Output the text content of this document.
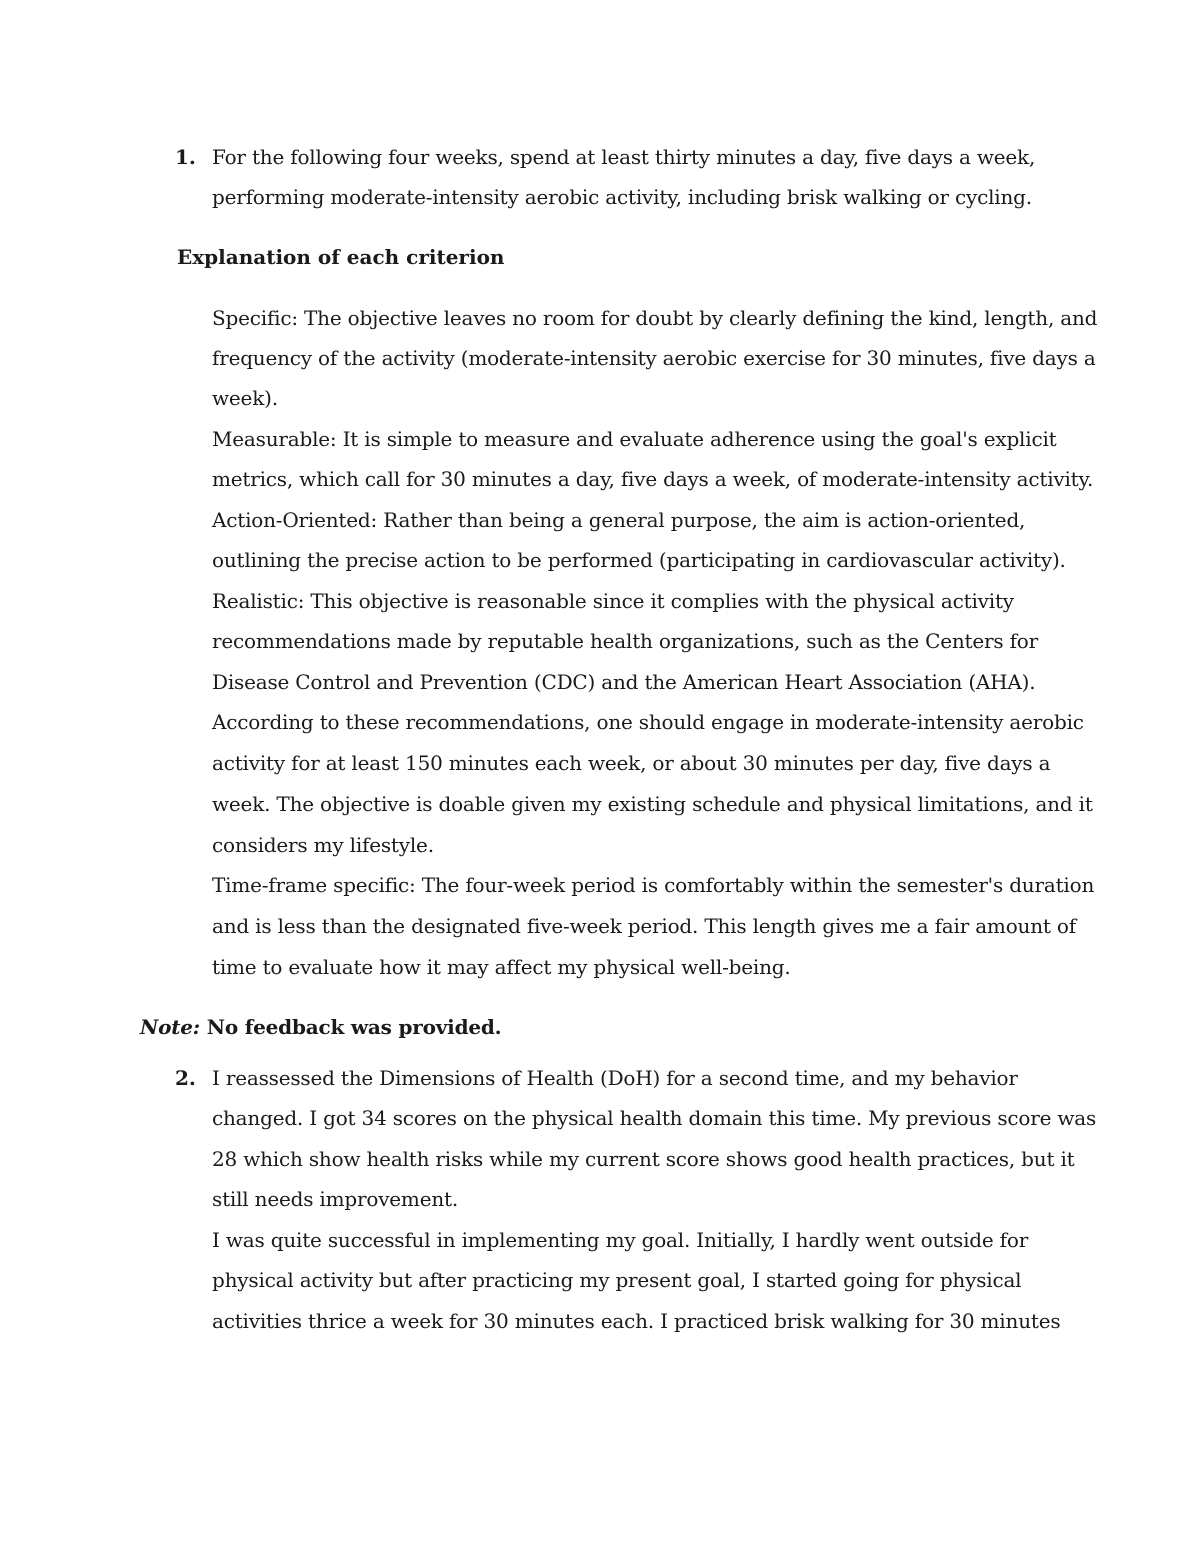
1. For the following four weeks, spend at least thirty minutes a day, five days a week,
performing moderate-intensity aerobic activity, including brisk walking or cycling.
Explanation of each criterion
Specific: The objective leaves no room for doubt by clearly defining the kind, length, and
frequency of the activity (moderate-intensity aerobic exercise for 30 minutes, five days a
week).
Measurable: It is simple to measure and evaluate adherence using the goal's explicit
metrics, which call for 30 minutes a day, five days a week, of moderate-intensity activity.
Action-Oriented: Rather than being a general purpose, the aim is action-oriented,
outlining the precise action to be performed (participating in cardiovascular activity).
Realistic: This objective is reasonable since it complies with the physical activity
recommendations made by reputable health organizations, such as the Centers for
Disease Control and Prevention (CDC) and the American Heart Association (AHA).
According to these recommendations, one should engage in moderate-intensity aerobic
activity for at least 150 minutes each week, or about 30 minutes per day, five days a
week. The objective is doable given my existing schedule and physical limitations, and it
considers my lifestyle.
Time-frame specific: The four-week period is comfortably within the semester's duration
and is less than the designated five-week period. This length gives me a fair amount of
time to evaluate how it may affect my physical well-being.
Note: No feedback was provided.
2. I reassessed the Dimensions of Health (DoH) for a second time, and my behavior
changed. I got 34 scores on the physical health domain this time. My previous score was
28 which show health risks while my current score shows good health practices, but it
still needs improvement.
I was quite successful in implementing my goal. Initially, I hardly went outside for
physical activity but after practicing my present goal, I started going for physical
activities thrice a week for 30 minutes each. I practiced brisk walking for 30 minutes
